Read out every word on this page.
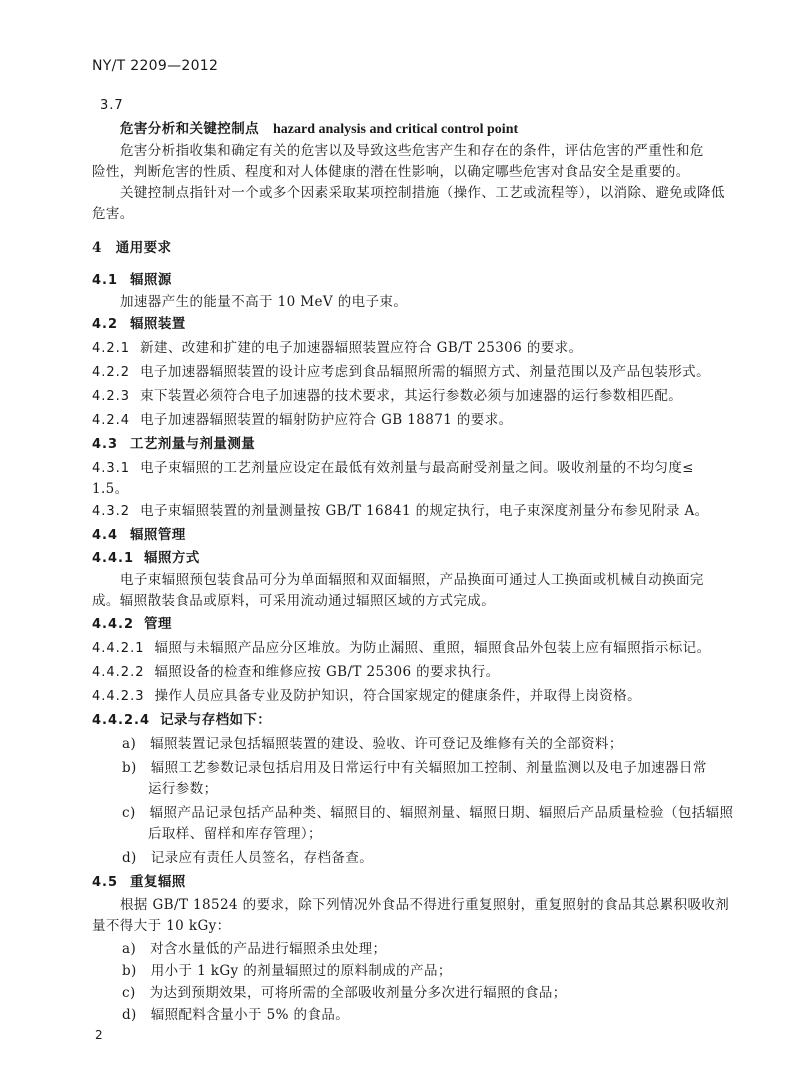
NY/T 2209—2012
3.7
危害分析和关键控制点 hazard analysis and critical control point
危害分析指收集和确定有关的危害以及导致这些危害产生和存在的条件，评估危害的严重性和危
险性，判断危害的性质、程度和对人体健康的潜在性影响，以确定哪些危害对食品安全是重要的。
关键控制点指针对一个或多个因素采取某项控制措施（操作、工艺或流程等），以消除、避免或降低
危害。
4 通用要求
4.1 辐照源
加速器产生的能量不高于 10 MeV 的电子束。
4.2 辐照装置
4.2.1 新建、改建和扩建的电子加速器辐照装置应符合 GB/T 25306 的要求。
4.2.2 电子加速器辐照装置的设计应考虑到食品辐照所需的辐照方式、剂量范围以及产品包装形式。
4.2.3 束下装置必须符合电子加速器的技术要求，其运行参数必须与加速器的运行参数相匹配。
4.2.4 电子加速器辐照装置的辐射防护应符合 GB 18871 的要求。
4.3 工艺剂量与剂量测量
4.3.1 电子束辐照的工艺剂量应设定在最低有效剂量与最高耐受剂量之间。吸收剂量的不均匀度≤
1.5。
4.3.2 电子束辐照装置的剂量测量按 GB/T 16841 的规定执行，电子束深度剂量分布参见附录 A。
4.4 辐照管理
4.4.1 辐照方式
电子束辐照预包装食品可分为单面辐照和双面辐照，产品换面可通过人工换面或机械自动换面完
成。辐照散装食品或原料，可采用流动通过辐照区域的方式完成。
4.4.2 管理
4.4.2.1 辐照与未辐照产品应分区堆放。为防止漏照、重照，辐照食品外包装上应有辐照指示标记。
4.4.2.2 辐照设备的检查和维修应按 GB/T 25306 的要求执行。
4.4.2.3 操作人员应具备专业及防护知识，符合国家规定的健康条件，并取得上岗资格。
4.4.2.4 记录与存档如下：
a) 辐照装置记录包括辐照装置的建设、验收、许可登记及维修有关的全部资料；
b) 辐照工艺参数记录包括启用及日常运行中有关辐照加工控制、剂量监测以及电子加速器日常
运行参数；
c) 辐照产品记录包括产品种类、辐照目的、辐照剂量、辐照日期、辐照后产品质量检验（包括辐照
后取样、留样和库存管理）；
d) 记录应有责任人员签名，存档备查。
4.5 重复辐照
根据 GB/T 18524 的要求，除下列情况外食品不得进行重复照射，重复照射的食品其总累积吸收剂
量不得大于 10 kGy：
a) 对含水量低的产品进行辐照杀虫处理；
b) 用小于 1 kGy 的剂量辐照过的原料制成的产品；
c) 为达到预期效果，可将所需的全部吸收剂量分多次进行辐照的食品；
d) 辐照配料含量小于 5% 的食品。
2
